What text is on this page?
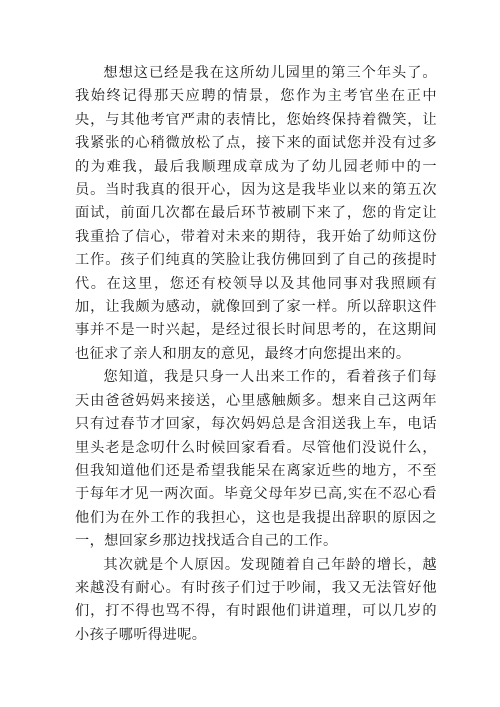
想想这已经是我在这所幼儿园里的第三个年头了。我始终记得那天应聘的情景，您作为主考官坐在正中央，与其他考官严肃的表情比，您始终保持着微笑，让我紧张的心稍微放松了点，接下来的面试您并没有过多的为难我，最后我顺理成章成为了幼儿园老师中的一员。当时我真的很开心，因为这是我毕业以来的第五次面试，前面几次都在最后环节被刷下来了，您的肯定让我重拾了信心，带着对未来的期待，我开始了幼师这份工作。孩子们纯真的笑脸让我仿佛回到了自己的孩提时代。在这里，您还有校领导以及其他同事对我照顾有加，让我颇为感动，就像回到了家一样。所以辞职这件事并不是一时兴起，是经过很长时间思考的，在这期间也征求了亲人和朋友的意见，最终才向您提出来的。

您知道，我是只身一人出来工作的，看着孩子们每天由爸爸妈妈来接送，心里感触颇多。想来自己这两年只有过春节才回家，每次妈妈总是含泪送我上车，电话里头老是念叨什么时候回家看看。尽管他们没说什么，但我知道他们还是希望我能呆在离家近些的地方，不至于每年才见一两次面。毕竟父母年岁已高,实在不忍心看他们为在外工作的我担心，这也是我提出辞职的原因之一，想回家乡那边找找适合自己的工作。

其次就是个人原因。发现随着自己年龄的增长，越来越没有耐心。有时孩子们过于吵闹，我又无法管好他们，打不得也骂不得，有时跟他们讲道理，可以几岁的小孩子哪听得进呢。
